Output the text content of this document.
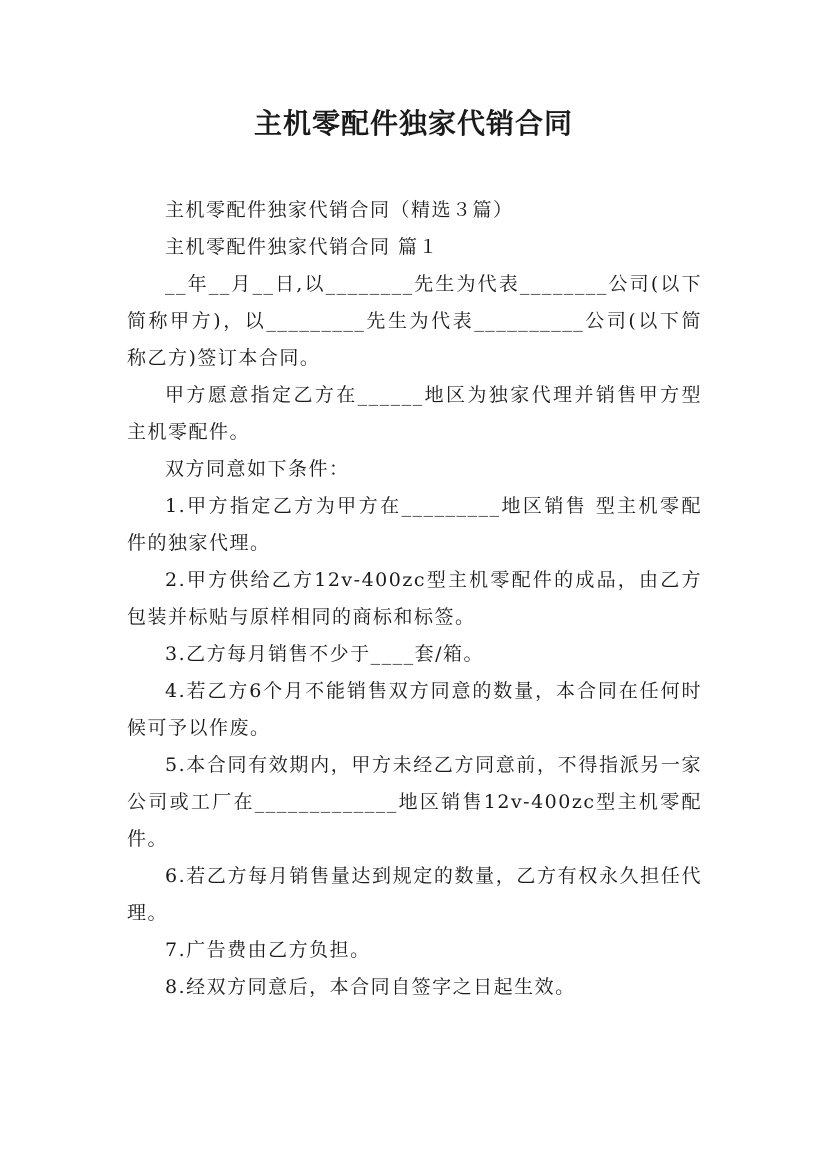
主机零配件独家代销合同

主机零配件独家代销合同（精选３篇）

主机零配件独家代销合同 篇１

__年__月__日,以________先生为代表________公司(以下简称甲方)，以_________先生为代表__________公司(以下简称乙方)签订本合同。

甲方愿意指定乙方在______地区为独家代理并销售甲方型主机零配件。

双方同意如下条件：

1.甲方指定乙方为甲方在_________地区销售 型主机零配件的独家代理。

2.甲方供给乙方12v-400zc型主机零配件的成品，由乙方包装并标贴与原样相同的商标和标签。

3.乙方每月销售不少于____套/箱。

4.若乙方6个月不能销售双方同意的数量，本合同在任何时候可予以作废。

5.本合同有效期内，甲方未经乙方同意前，不得指派另一家公司或工厂在_____________地区销售12v-400zc型主机零配件。

6.若乙方每月销售量达到规定的数量，乙方有权永久担任代理。

7.广告费由乙方负担。

8.经双方同意后，本合同自签字之日起生效。
